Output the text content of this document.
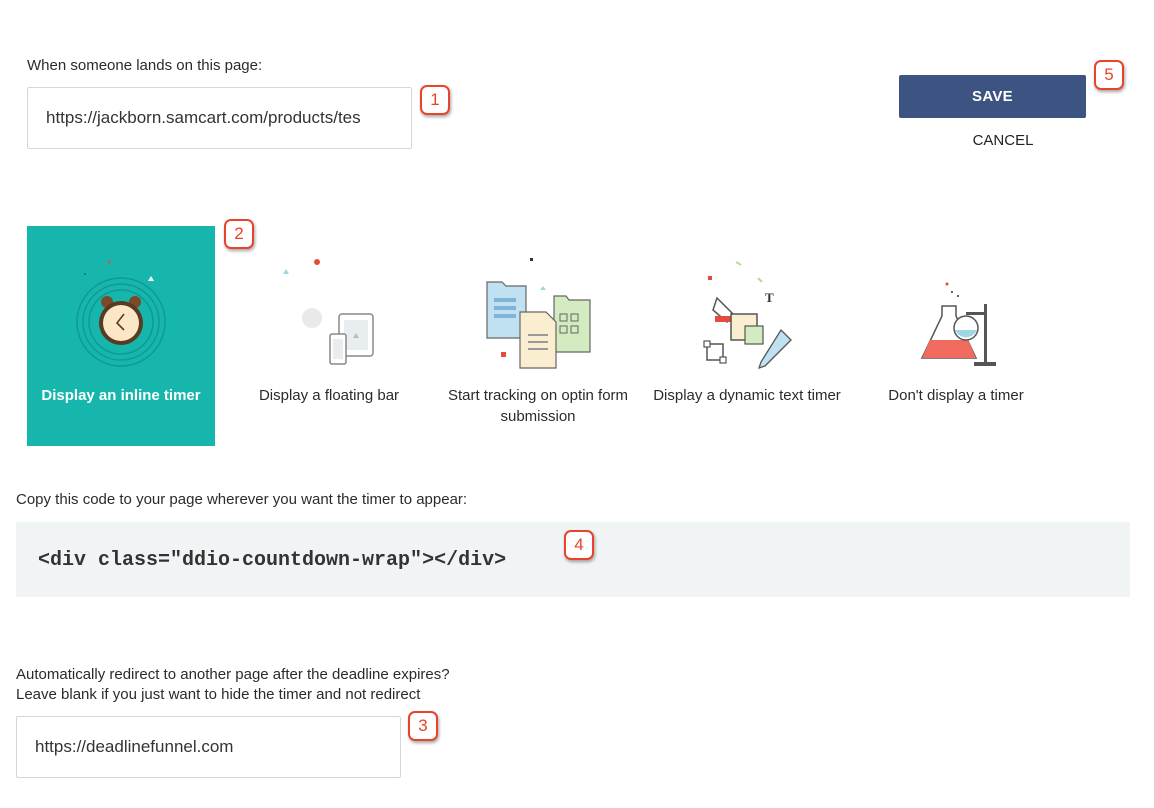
When someone lands on this page:
https://jackborn.samcart.com/products/tes
1	SAVE
CANCEL
5
Display an inline timer
2
Display a floating bar	Start tracking on optin form submission
T
Display a dynamic text timer	Don't display a timer
Copy this code to your page wherever you want the timer to appear:
<div class="ddio-countdown-wrap"></div>
4
Automatically redirect to another page after the deadline expires?
Leave blank if you just want to hide the timer and not redirect
https://deadlinefunnel.com
3
